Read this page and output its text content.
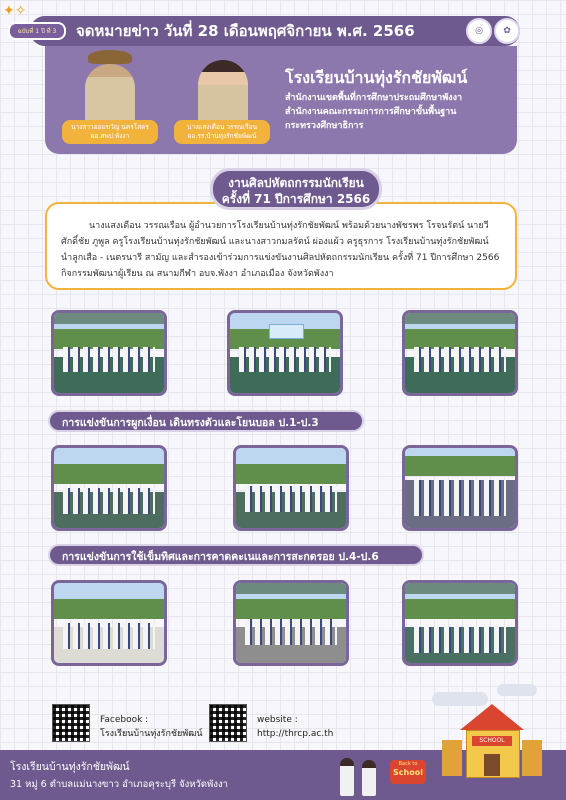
✦✧
จดหมายข่าว วันที่ 28 เดือนพฤศจิกายน พ.ศ. 2566
ฉบับที่ 1 ปี ที่ 3	◎	✿
นางสาวออมขวัญ นครโสตร
ผอ.สพป.พังงา
นางแสงเดือน วรรณเรือน
ผอ.รร.บ้านทุ่งรักชัยพัฒน์
โรงเรียนบ้านทุ่งรักชัยพัฒน์
สำนักงานเขตพื้นที่การศึกษาประถมศึกษาพังงา
สำนักงานคณะกรรมการการศึกษาขั้นพื้นฐาน
กระทรวงศึกษาธิการ
นางแสงเดือน วรรณเรือน ผู้อำนวยการโรงเรียนบ้านทุ่งรักชัยพัฒน์ พร้อมด้วยนางพัชรพร โรจนรัตน์ นายวีศักดิ์ชัย ภูพูล ครูโรงเรียนบ้านทุ่งรักชัยพัฒน์ และนางสาวกมลรัตน์ ผ่องแผ้ว ครูธุรการ โรงเรียนบ้านทุ่งรักชัยพัฒน์ นำลูกเสือ - เนตรนารี สามัญ และสำรองเข้าร่วมการแข่งขันงานศิลปหัตถกรรมนักเรียน ครั้งที่ 71 ปีการศึกษา 2566 กิจกรรมพัฒนาผู้เรียน ณ สนามกีฬา อบจ.พังงา อำเภอเมือง จังหวัดพังงา
งานศิลปหัตถกรรมนักเรียน
ครั้งที่ 71 ปีการศึกษา 2566
การแข่งขันการผูกเงื่อน เดินทรงตัวและโยนบอล ป.1-ป.3
การแข่งขันการใช้เข็มทิศและการคาดคะเนและการสะกดรอย ป.4-ป.6
Facebook :
โรงเรียนบ้านทุ่งรักชัยพัฒน์
website :
http://thrcp.ac.th
โรงเรียนบ้านทุ่งรักชัยพัฒน์
31 หมู่ 6 ตำบลแม่นางขาว อำเภอคุระบุรี จังหวัดพังงา
SCHOOL
Back to
School
